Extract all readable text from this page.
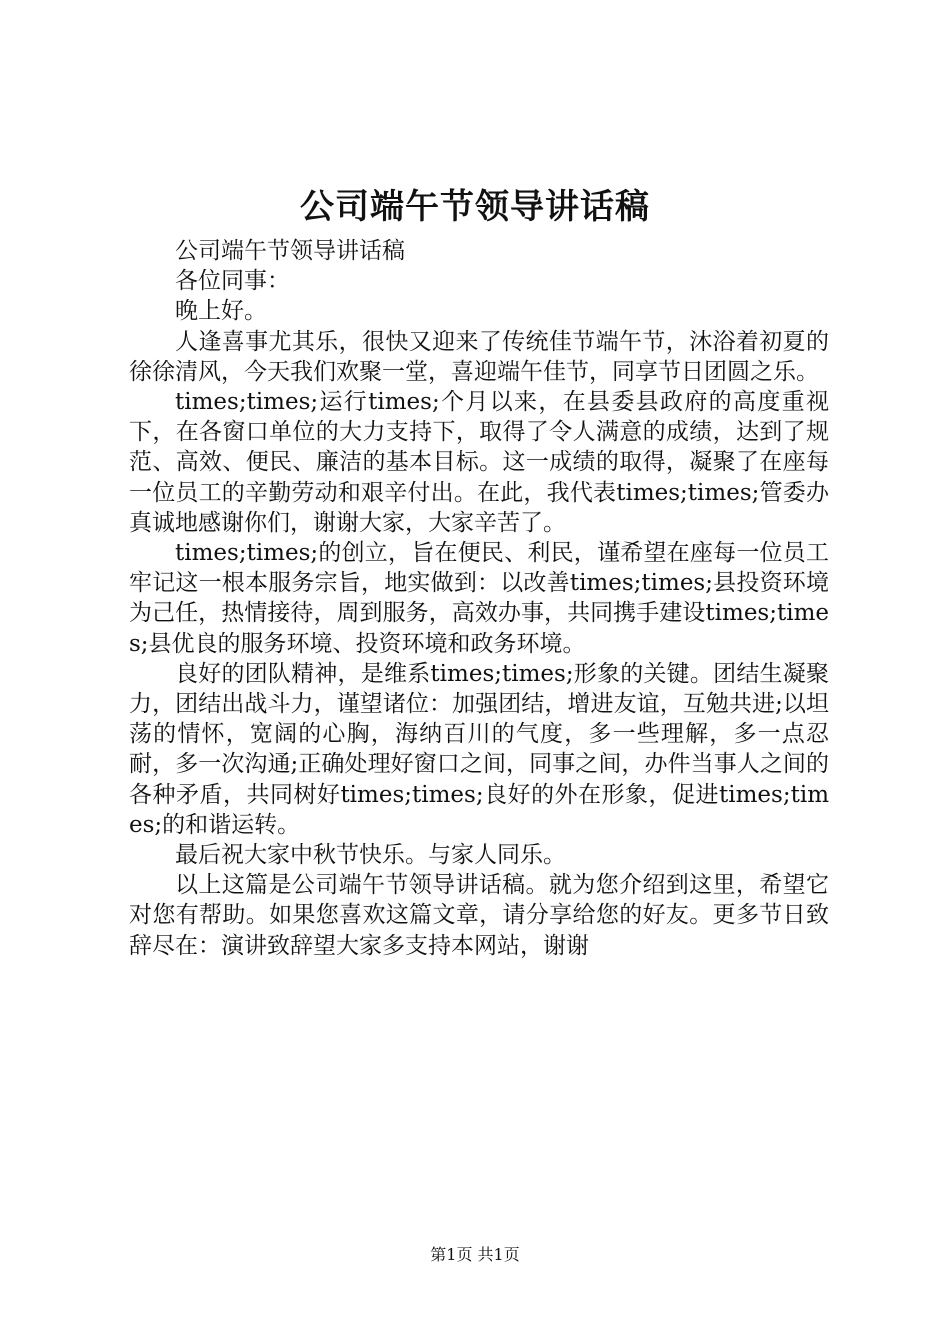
公司端午节领导讲话稿

公司端午节领导讲话稿

各位同事：

晚上好。

人逢喜事尤其乐，很快又迎来了传统佳节端午节，沐浴着初夏的徐徐清风，今天我们欢聚一堂，喜迎端午佳节，同享节日团圆之乐。

times;times;运行times;个月以来，在县委县政府的高度重视下，在各窗口单位的大力支持下，取得了令人满意的成绩，达到了规范、高效、便民、廉洁的基本目标。这一成绩的取得，凝聚了在座每一位员工的辛勤劳动和艰辛付出。在此，我代表times;times;管委办真诚地感谢你们，谢谢大家，大家辛苦了。

times;times;的创立，旨在便民、利民，谨希望在座每一位员工牢记这一根本服务宗旨，地实做到：以改善times;times;县投资环境为己任，热情接待，周到服务，高效办事，共同携手建设times;times;县优良的服务环境、投资环境和政务环境。

良好的团队精神，是维系times;times;形象的关键。团结生凝聚力，团结出战斗力，谨望诸位：加强团结，增进友谊，互勉共进;以坦荡的情怀，宽阔的心胸，海纳百川的气度，多一些理解，多一点忍耐，多一次沟通;正确处理好窗口之间，同事之间，办件当事人之间的各种矛盾，共同树好times;times;良好的外在形象，促进times;times;的和谐运转。

最后祝大家中秋节快乐。与家人同乐。

以上这篇是公司端午节领导讲话稿。就为您介绍到这里，希望它对您有帮助。如果您喜欢这篇文章，请分享给您的好友。更多节日致辞尽在：演讲致辞望大家多支持本网站，谢谢

第1页 共1页
